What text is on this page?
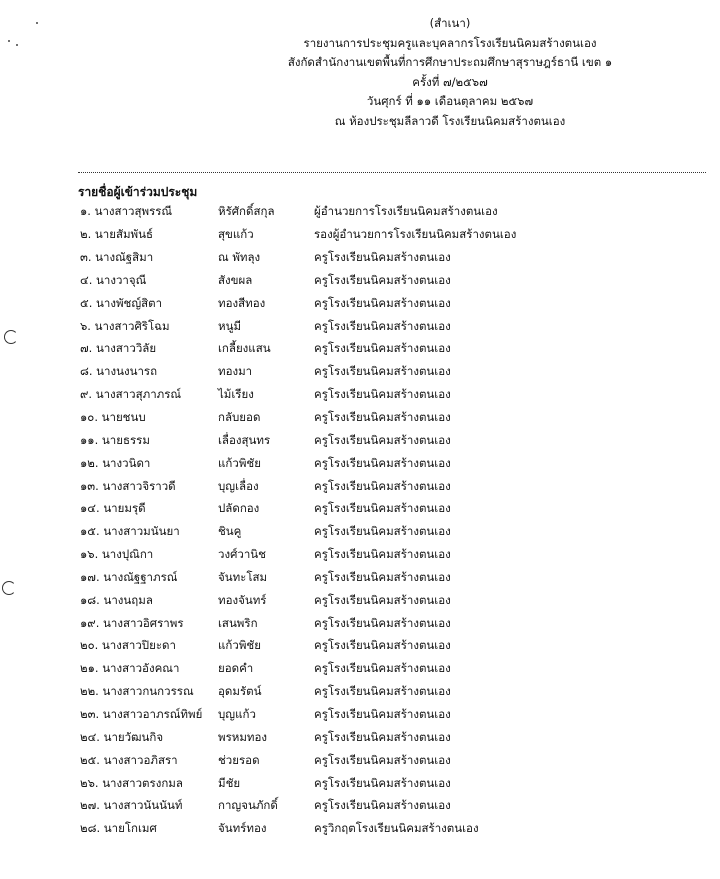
(สำเนา)
รายงานการประชุมครูและบุคลากรโรงเรียนนิคมสร้างตนเอง
สังกัดสำนักงานเขตพื้นที่การศึกษาประถมศึกษาสุราษฎร์ธานี เขต ๑
ครั้งที่ ๗/๒๕๖๗
วันศุกร์ ที่ ๑๑ เดือนตุลาคม ๒๕๖๗
ณ ห้องประชุมลีลาวดี โรงเรียนนิคมสร้างตนเอง
รายชื่อผู้เข้าร่วมประชุม
๑. นางสาวสุพรรณี	หิรัศักดิ์สกุล	ผู้อำนวยการโรงเรียนนิคมสร้างตนเอง
๒. นายสัมพันธ์	สุขแก้ว	รองผู้อำนวยการโรงเรียนนิคมสร้างตนเอง
๓. นางณัฐสิมา	ณ พัทลุง	ครูโรงเรียนนิคมสร้างตนเอง
๔. นางวาจุณี	สังขผล	ครูโรงเรียนนิคมสร้างตนเอง
๕. นางพัชญ์สิตา	ทองสีทอง	ครูโรงเรียนนิคมสร้างตนเอง
๖. นางสาวศิริโฉม	หนูมี	ครูโรงเรียนนิคมสร้างตนเอง
๗. นางสาววิลัย	เกลี้ยงแสน	ครูโรงเรียนนิคมสร้างตนเอง
๘. นางนงนารถ	ทองมา	ครูโรงเรียนนิคมสร้างตนเอง
๙. นางสาวสุภาภรณ์	ไม้เรียง	ครูโรงเรียนนิคมสร้างตนเอง
๑๐. นายชนบ	กลับยอด	ครูโรงเรียนนิคมสร้างตนเอง
๑๑. นายธรรม	เลื่องสุนทร	ครูโรงเรียนนิคมสร้างตนเอง
๑๒. นางวนิดา	แก้วพิชัย	ครูโรงเรียนนิคมสร้างตนเอง
๑๓. นางสาวจิราวดี	บุญเลื่อง	ครูโรงเรียนนิคมสร้างตนเอง
๑๔. นายมรุดี	ปลัดกอง	ครูโรงเรียนนิคมสร้างตนเอง
๑๕. นางสาวมนันยา	ชินคู	ครูโรงเรียนนิคมสร้างตนเอง
๑๖. นางปุณิกา	วงศ์วานิช	ครูโรงเรียนนิคมสร้างตนเอง
๑๗. นางณัฐฐาภรณ์	จันทะโสม	ครูโรงเรียนนิคมสร้างตนเอง
๑๘. นางนฤมล	ทองจันทร์	ครูโรงเรียนนิคมสร้างตนเอง
๑๙. นางสาวอิศราพร	เสนพริก	ครูโรงเรียนนิคมสร้างตนเอง
๒๐. นางสาวปิยะดา	แก้วพิชัย	ครูโรงเรียนนิคมสร้างตนเอง
๒๑. นางสาวอังคณา	ยอดคำ	ครูโรงเรียนนิคมสร้างตนเอง
๒๒. นางสาวกนกวรรณ	อุดมรัตน์	ครูโรงเรียนนิคมสร้างตนเอง
๒๓. นางสาวอาภรณ์ทิพย์	บุญแก้ว	ครูโรงเรียนนิคมสร้างตนเอง
๒๔. นายวัฒนกิจ	พรหมทอง	ครูโรงเรียนนิคมสร้างตนเอง
๒๕. นางสาวอภิสรา	ช่วยรอด	ครูโรงเรียนนิคมสร้างตนเอง
๒๖. นางสาวตรงกมล	มีชัย	ครูโรงเรียนนิคมสร้างตนเอง
๒๗. นางสาวนันนันท์	กาญจนภักดิ์	ครูโรงเรียนนิคมสร้างตนเอง
๒๘. นายโกเมศ	จันทร์ทอง	ครูวิกฤตโรงเรียนนิคมสร้างตนเอง
